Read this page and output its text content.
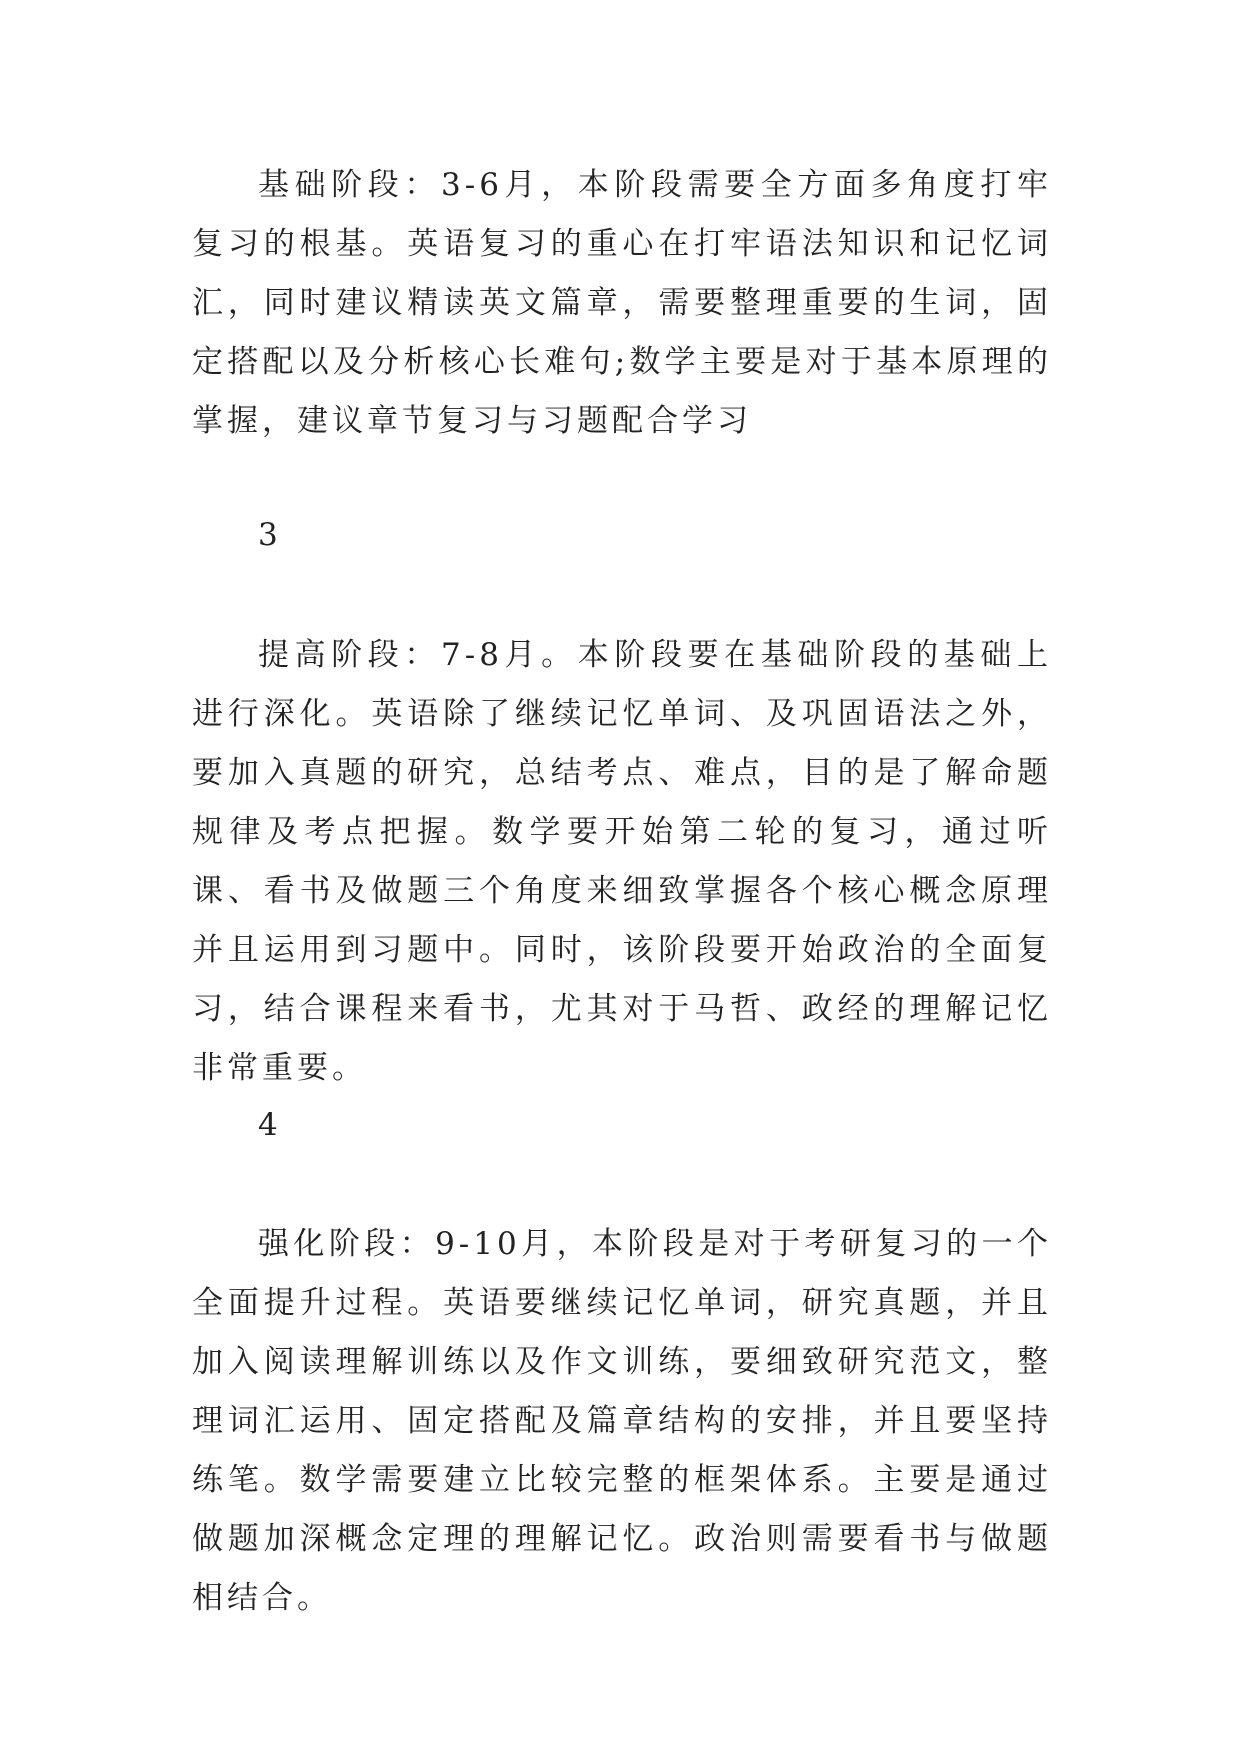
基础阶段：3-6月，本阶段需要全方面多角度打牢复习的根基。英语复习的重心在打牢语法知识和记忆词汇，同时建议精读英文篇章，需要整理重要的生词，固定搭配以及分析核心长难句;数学主要是对于基本原理的掌握，建议章节复习与习题配合学习

3

提高阶段：7-8月。本阶段要在基础阶段的基础上进行深化。英语除了继续记忆单词、及巩固语法之外，要加入真题的研究，总结考点、难点，目的是了解命题规律及考点把握。数学要开始第二轮的复习，通过听课、看书及做题三个角度来细致掌握各个核心概念原理并且运用到习题中。同时，该阶段要开始政治的全面复习，结合课程来看书，尤其对于马哲、政经的理解记忆非常重要。

4

强化阶段：9-10月，本阶段是对于考研复习的一个全面提升过程。英语要继续记忆单词，研究真题，并且加入阅读理解训练以及作文训练，要细致研究范文，整理词汇运用、固定搭配及篇章结构的安排，并且要坚持练笔。数学需要建立比较完整的框架体系。主要是通过做题加深概念定理的理解记忆。政治则需要看书与做题相结合。
